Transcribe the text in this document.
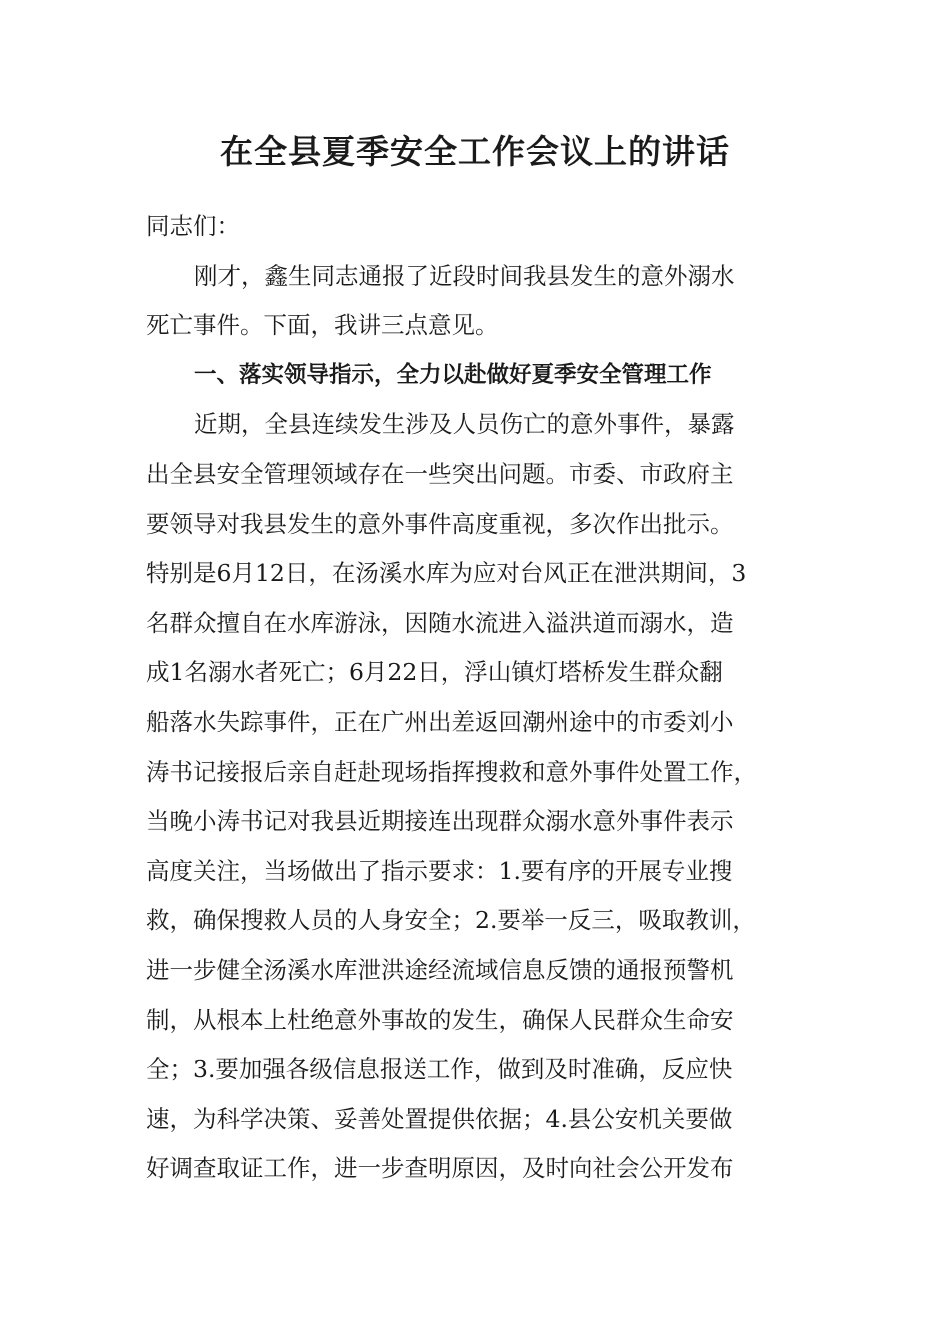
在全县夏季安全工作会议上的讲话
同志们：
刚才，鑫生同志通报了近段时间我县发生的意外溺水
死亡事件。下面，我讲三点意见。
一、落实领导指示，全力以赴做好夏季安全管理工作
近期，全县连续发生涉及人员伤亡的意外事件，暴露
出全县安全管理领域存在一些突出问题。市委、市政府主
要领导对我县发生的意外事件高度重视，多次作出批示。
特别是6月12日，在汤溪水库为应对台风正在泄洪期间，3
名群众擅自在水库游泳，因随水流进入溢洪道而溺水，造
成1名溺水者死亡；6月22日，浮山镇灯塔桥发生群众翻
船落水失踪事件，正在广州出差返回潮州途中的市委刘小
涛书记接报后亲自赶赴现场指挥搜救和意外事件处置工作，
当晚小涛书记对我县近期接连出现群众溺水意外事件表示
高度关注，当场做出了指示要求：1.要有序的开展专业搜
救，确保搜救人员的人身安全；2.要举一反三，吸取教训，
进一步健全汤溪水库泄洪途经流域信息反馈的通报预警机
制，从根本上杜绝意外事故的发生，确保人民群众生命安
全；3.要加强各级信息报送工作，做到及时准确，反应快
速，为科学决策、妥善处置提供依据；4.县公安机关要做
好调查取证工作，进一步查明原因，及时向社会公开发布
